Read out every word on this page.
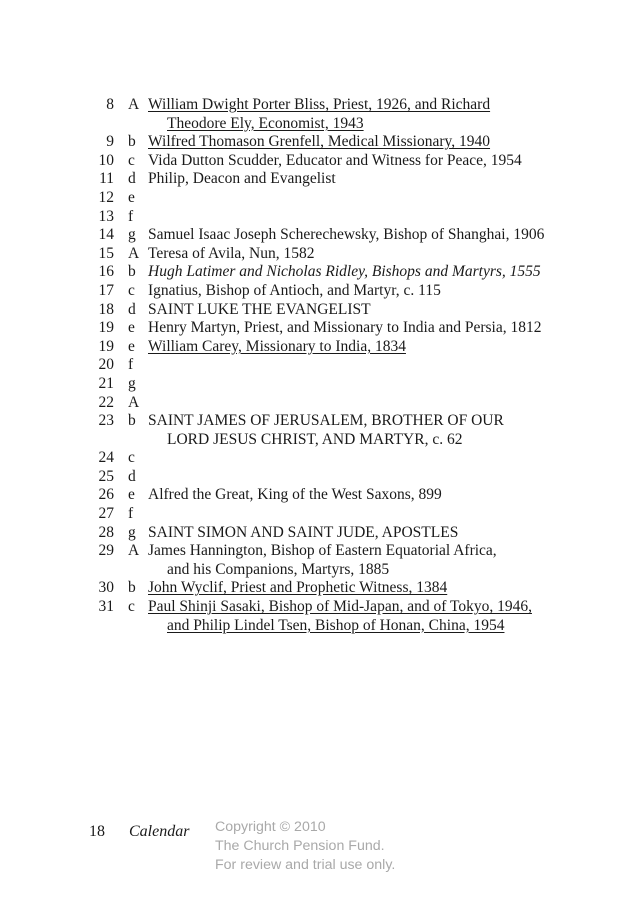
8 A William Dwight Porter Bliss, Priest, 1926, and Richard
Theodore Ely, Economist, 1943
9 b Wilfred Thomason Grenfell, Medical Missionary, 1940
10 c Vida Dutton Scudder, Educator and Witness for Peace, 1954
11 d Philip, Deacon and Evangelist
12 e
13 f
14 g Samuel Isaac Joseph Scherechewsky, Bishop of Shanghai, 1906
15 A Teresa of Avila, Nun, 1582
16 b Hugh Latimer and Nicholas Ridley, Bishops and Martyrs, 1555
17 c Ignatius, Bishop of Antioch, and Martyr, c. 115
18 d SAINT LUKE THE EVANGELIST
19 e Henry Martyn, Priest, and Missionary to India and Persia, 1812
19 e William Carey, Missionary to India, 1834
20 f
21 g
22 A
23 b SAINT JAMES OF JERUSALEM, BROTHER OF OUR
LORD JESUS CHRIST, AND MARTYR, c. 62
24 c
25 d
26 e Alfred the Great, King of the West Saxons, 899
27 f
28 g SAINT SIMON AND SAINT JUDE, APOSTLES
29 A James Hannington, Bishop of Eastern Equatorial Africa,
and his Companions, Martyrs, 1885
30 b John Wyclif, Priest and Prophetic Witness, 1384
31 c Paul Shinji Sasaki, Bishop of Mid-Japan, and of Tokyo, 1946,
and Philip Lindel Tsen, Bishop of Honan, China, 1954
18 Calendar Copyright © 2010
The Church Pension Fund.
For review and trial use only.
